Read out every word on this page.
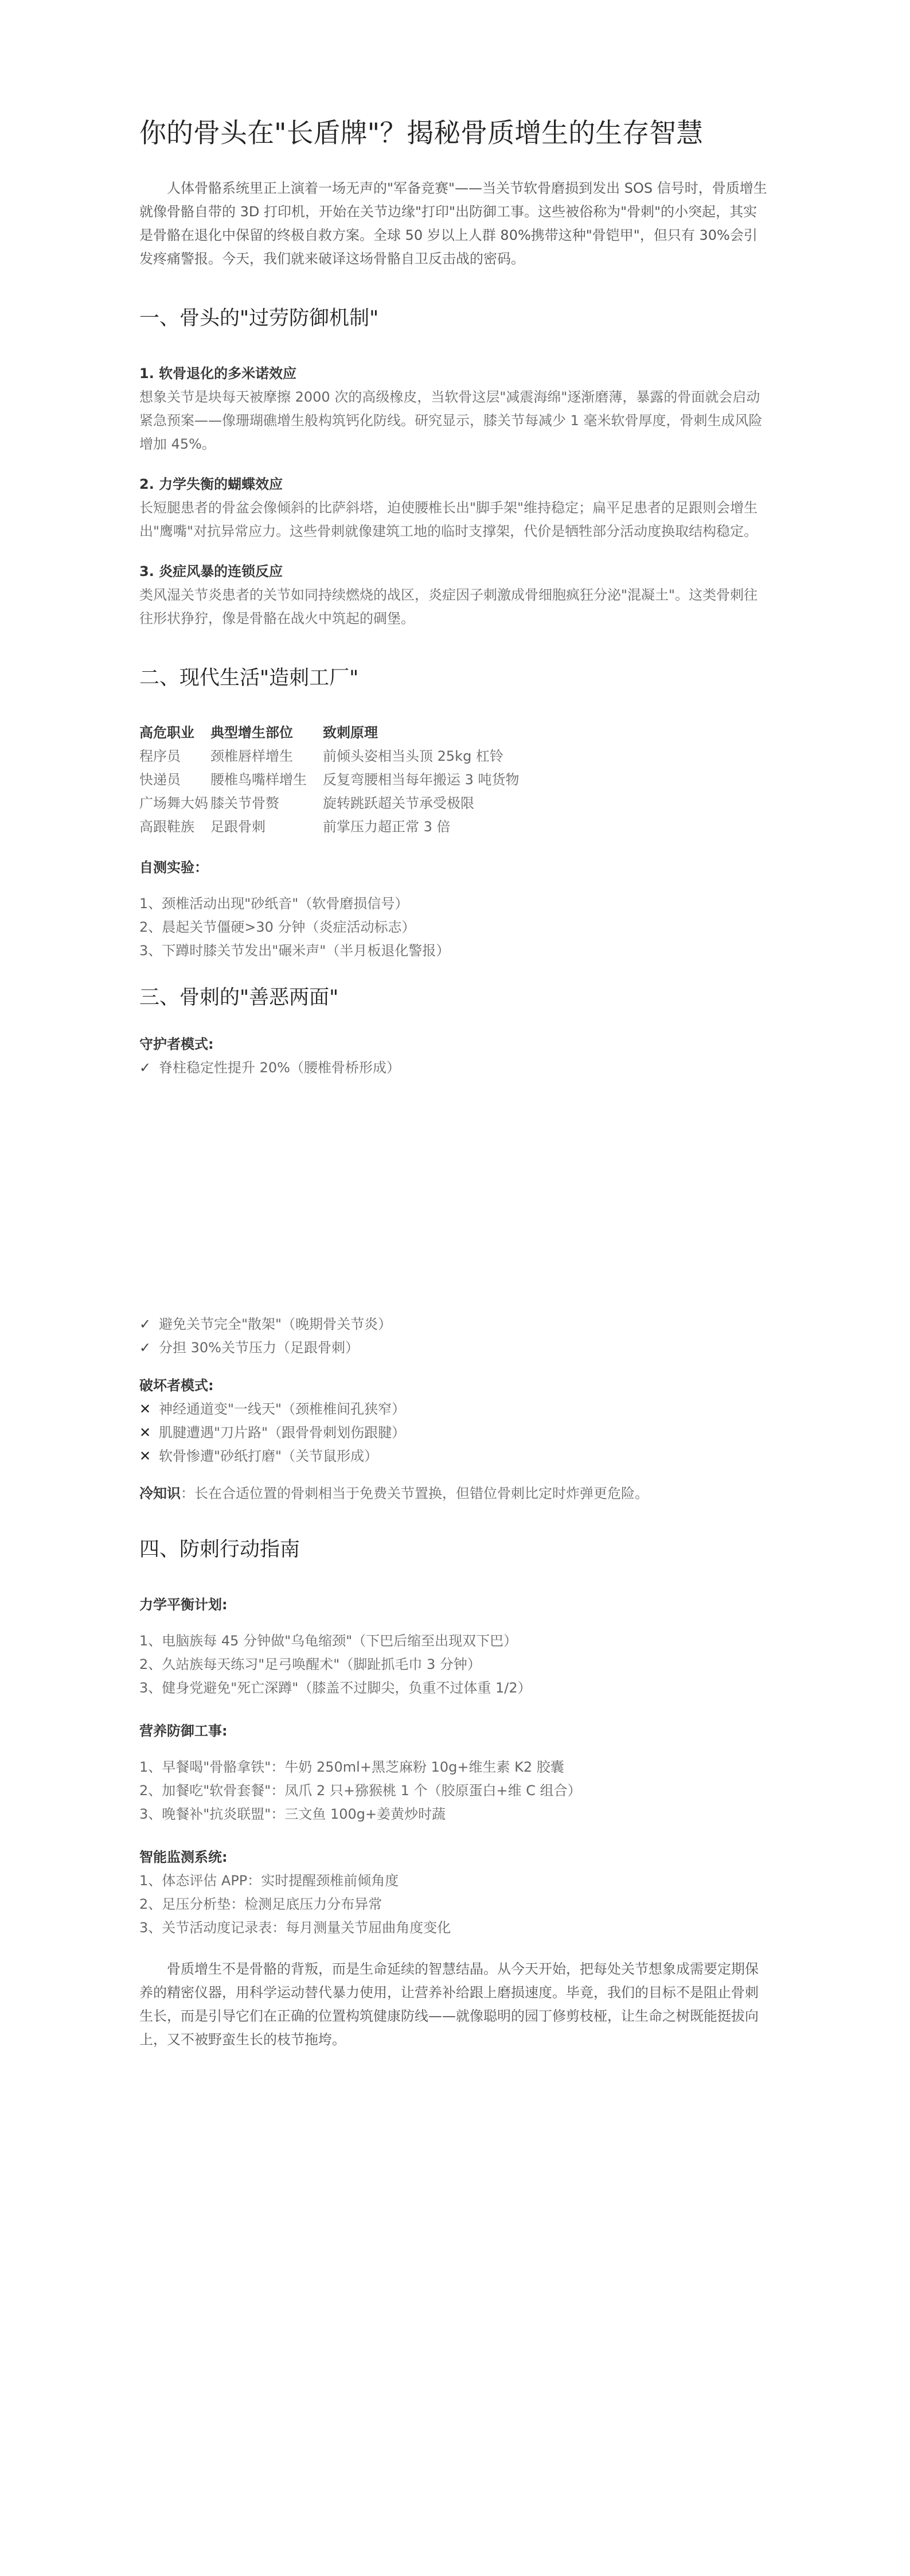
你的骨头在"长盾牌"？揭秘骨质增生的生存智慧

人体骨骼系统里正上演着一场无声的"军备竞赛"——当关节软骨磨损到发出 SOS 信号时，骨质增生就像骨骼自带的 3D 打印机，开始在关节边缘"打印"出防御工事。这些被俗称为"骨刺"的小突起，其实是骨骼在退化中保留的终极自救方案。全球 50 岁以上人群 80%携带这种"骨铠甲"，但只有 30%会引发疼痛警报。今天，我们就来破译这场骨骼自卫反击战的密码。

一、骨头的"过劳防御机制"
1. 软骨退化的多米诺效应

想象关节是块每天被摩擦 2000 次的高级橡皮，当软骨这层"减震海绵"逐渐磨薄，暴露的骨面就会启动紧急预案——像珊瑚礁增生般构筑钙化防线。研究显示，膝关节每减少 1 毫米软骨厚度，骨刺生成风险增加 45%。

2. 力学失衡的蝴蝶效应

长短腿患者的骨盆会像倾斜的比萨斜塔，迫使腰椎长出"脚手架"维持稳定；扁平足患者的足跟则会增生出"鹰嘴"对抗异常应力。这些骨刺就像建筑工地的临时支撑架，代价是牺牲部分活动度换取结构稳定。

3. 炎症风暴的连锁反应

类风湿关节炎患者的关节如同持续燃烧的战区，炎症因子刺激成骨细胞疯狂分泌"混凝土"。这类骨刺往往形状狰狞，像是骨骼在战火中筑起的碉堡。

二、现代生活"造刺工厂"
高危职业	典型增生部位	致刺原理
程序员	颈椎唇样增生	前倾头姿相当头顶 25kg 杠铃
快递员	腰椎鸟嘴样增生	反复弯腰相当每年搬运 3 吨货物
广场舞大妈 膝关节骨赘	旋转跳跃超关节承受极限
高跟鞋族	足跟骨刺	前掌压力超正常 3 倍
自测实验：
1、颈椎活动出现"砂纸音"（软骨磨损信号）
2、晨起关节僵硬>30 分钟（炎症活动标志）
3、下蹲时膝关节发出"碾米声"（半月板退化警报）
三、骨刺的"善恶两面"
守护者模式:
✓ 脊柱稳定性提升 20%（腰椎骨桥形成）
✓ 避免关节完全"散架"（晚期骨关节炎）
✓ 分担 30%关节压力（足跟骨刺）
破坏者模式:
✕ 神经通道变"一线天"（颈椎椎间孔狭窄）
✕ 肌腱遭遇"刀片路"（跟骨骨刺划伤跟腱）
✕ 软骨惨遭"砂纸打磨"（关节鼠形成）
冷知识：长在合适位置的骨刺相当于免费关节置换，但错位骨刺比定时炸弹更危险。
四、防刺行动指南
力学平衡计划:
1、电脑族每 45 分钟做"乌龟缩颈"（下巴后缩至出现双下巴）
2、久站族每天练习"足弓唤醒术"（脚趾抓毛巾 3 分钟）
3、健身党避免"死亡深蹲"（膝盖不过脚尖，负重不过体重 1/2）
营养防御工事:
1、早餐喝"骨骼拿铁"：牛奶 250ml+黑芝麻粉 10g+维生素 K2 胶囊
2、加餐吃"软骨套餐"：凤爪 2 只+猕猴桃 1 个（胶原蛋白+维 C 组合）
3、晚餐补"抗炎联盟"：三文鱼 100g+姜黄炒时蔬
智能监测系统:
1、体态评估 APP：实时提醒颈椎前倾角度
2、足压分析垫：检测足底压力分布异常
3、关节活动度记录表：每月测量关节屈曲角度变化

骨质增生不是骨骼的背叛，而是生命延续的智慧结晶。从今天开始，把每处关节想象成需要定期保养的精密仪器，用科学运动替代暴力使用，让营养补给跟上磨损速度。毕竟，我们的目标不是阻止骨刺生长，而是引导它们在正确的位置构筑健康防线——就像聪明的园丁修剪枝桠，让生命之树既能挺拔向上，又不被野蛮生长的枝节拖垮。
